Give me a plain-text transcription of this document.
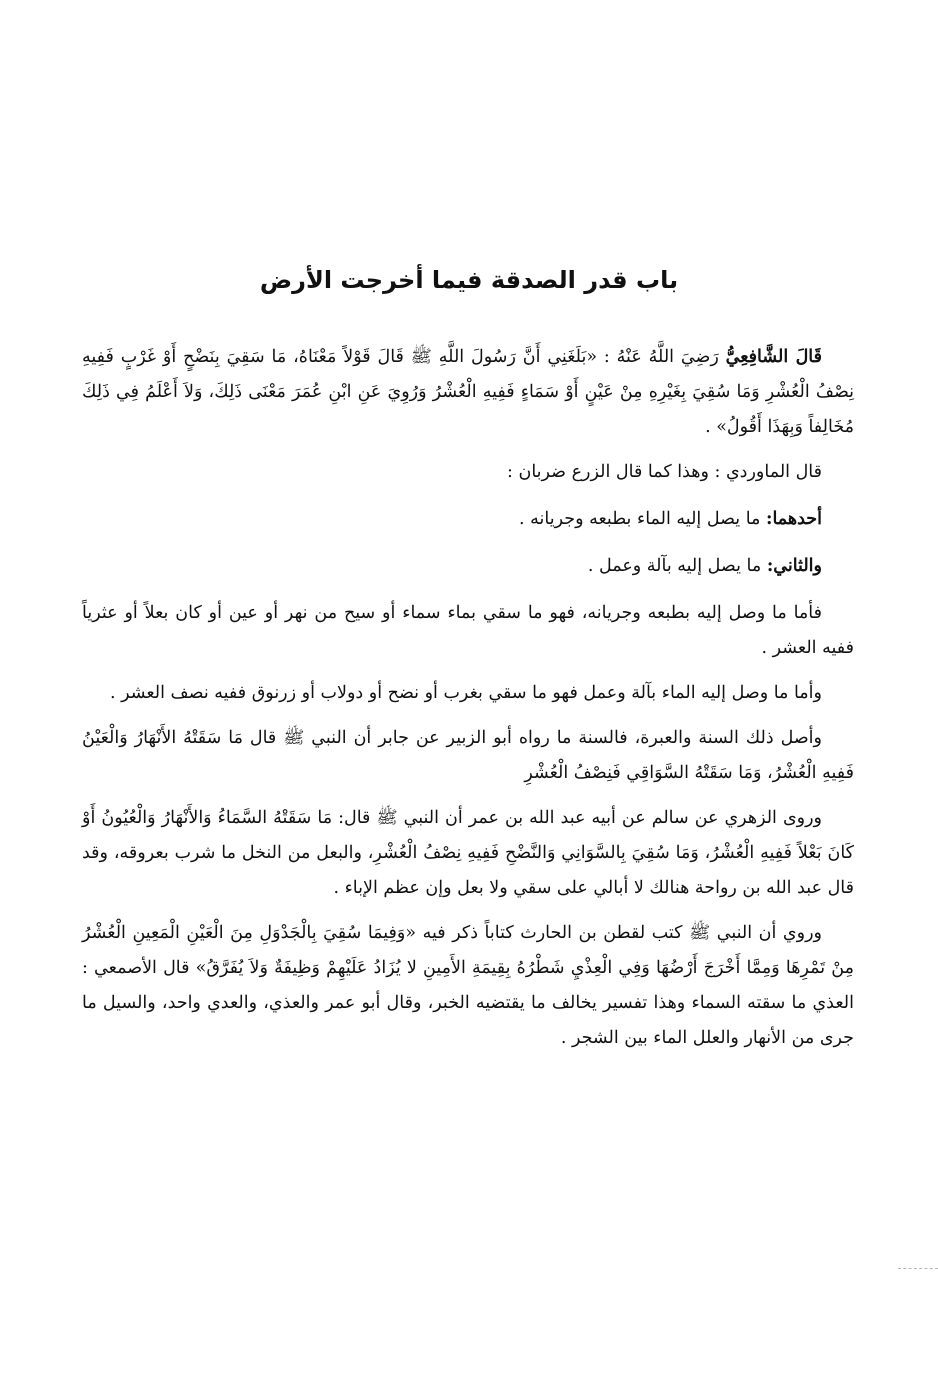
باب قدر الصدقة فيما أخرجت الأرض

قَالَ الشَّافِعِيُّ رَضِيَ اللَّهُ عَنْهُ : «بَلَغَنِي أَنَّ رَسُولَ اللَّهِ ﷺ قَالَ قَوْلاً مَعْنَاهُ، مَا سَقِيَ بِنَضْحٍ أَوْ غَرْبٍ فَفِيهِ نِصْفُ الْعُشْرِ وَمَا سُقِيَ بِغَيْرِهِ مِنْ عَيْنٍ أَوْ سَمَاءٍ فَفِيهِ الْعُشْرُ وَرُوِيَ عَنِ ابْنِ عُمَرَ مَعْنَى ذَلِكَ، وَلاَ أَعْلَمُ فِي ذَلِكَ مُخَالِفاً وَبِهَذَا أَقُولُ» .

قال الماوردي : وهذا كما قال الزرع ضربان :

أحدهما: ما يصل إليه الماء بطبعه وجريانه .

والثاني: ما يصل إليه بآلة وعمل .

فأما ما وصل إليه بطبعه وجريانه، فهو ما سقي بماء سماء أو سيح من نهر أو عين أو كان بعلاً أو عثرياً ففيه العشر .

وأما ما وصل إليه الماء بآلة وعمل فهو ما سقي بغرب أو نضح أو دولاب أو زرنوق ففيه نصف العشر .

وأصل ذلك السنة والعبرة، فالسنة ما رواه أبو الزبير عن جابر أن النبي ﷺ قال مَا سَقَتْهُ الأَنْهَارُ وَالْعَيْنُ فَفِيهِ الْعُشْرُ، وَمَا سَقَتْهُ السَّوَاقِي فَنِصْفُ الْعُشْرِ

وروى الزهري عن سالم عن أبيه عبد الله بن عمر أن النبي ﷺ قال: مَا سَقَتْهُ السَّمَاءُ وَالأَنْهَارُ وَالْعُيُونُ أَوْ كَانَ بَعْلاً فَفِيهِ الْعُشْرُ، وَمَا سُقِيَ بِالسَّوَانِي وَالنَّضْحِ فَفِيهِ نِصْفُ الْعُشْرِ، والبعل من النخل ما شرب بعروقه، وقد قال عبد الله بن رواحة هنالك لا أبالي على سقي ولا بعل وإن عظم الإباء .

وروي أن النبي ﷺ كتب لقطن بن الحارث كتاباً ذكر فيه «وَفِيمَا سُقِيَ بِالْجَدْوَلِ مِنَ الْعَيْنِ الْمَعِينِ الْعُشْرُ مِنْ تَمْرِهَا وَمِمَّا أَخْرَجَ أَرْضُهَا وَفِي الْعِذْيِ شَطْرُهُ بِقِيمَةِ الأَمِينِ لا يُزَادُ عَلَيْهِمْ وَظِيفَةٌ وَلاَ يُفَرَّقُ» قال الأصمعي : العذي ما سقته السماء وهذا تفسير يخالف ما يقتضيه الخبر، وقال أبو عمر والعذي، والعدي واحد، والسيل ما جرى من الأنهار والعلل الماء بين الشجر .
